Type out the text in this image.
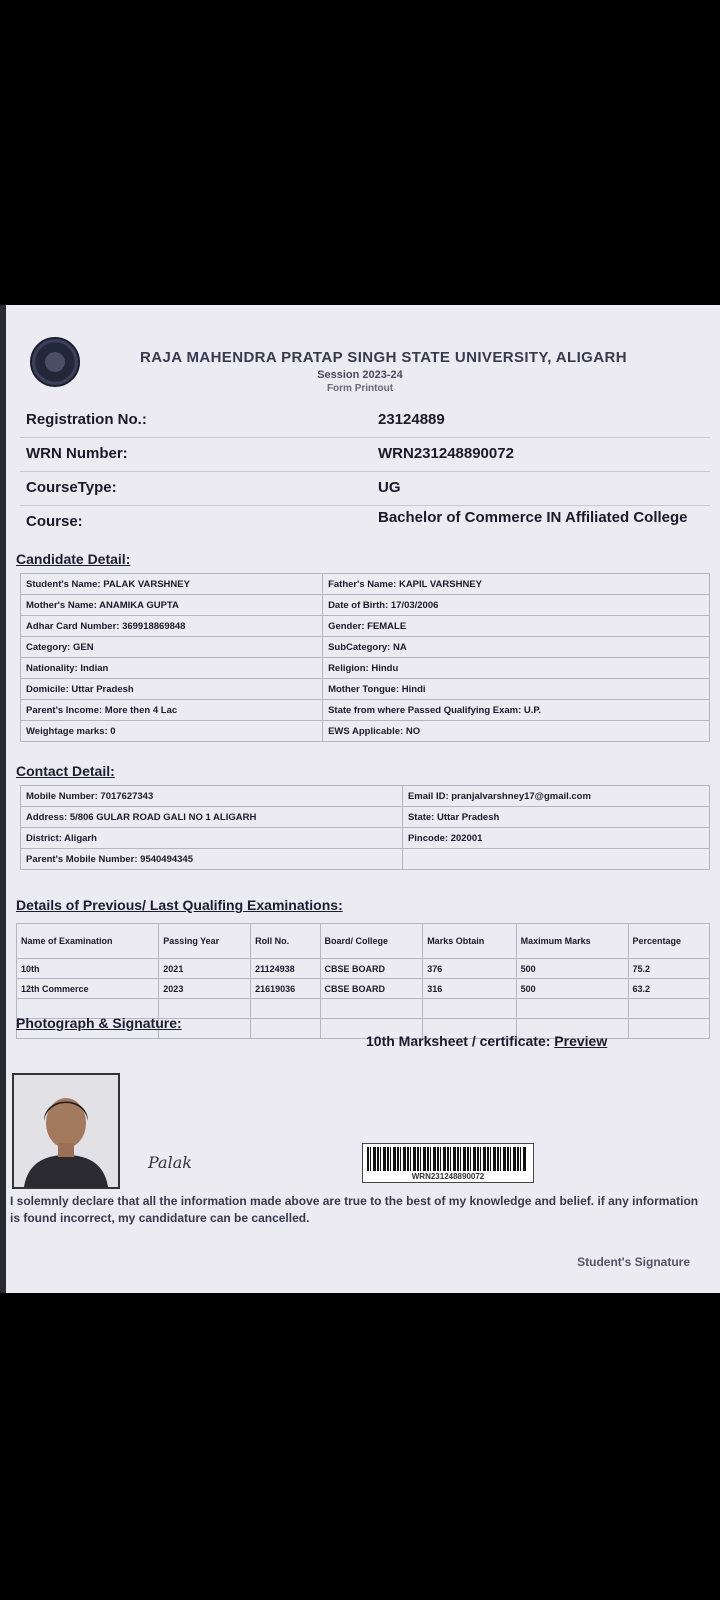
RAJA MAHENDRA PRATAP SINGH STATE UNIVERSITY, ALIGARH
Session 2023-24
Form Printout
Registration No.:	23124889
WRN Number:	WRN231248890072
CourseType:	UG
Course:	Bachelor of Commerce IN Affiliated College
Candidate Detail:
Student's Name: PALAK VARSHNEY	Father's Name: KAPIL VARSHNEY
Mother's Name: ANAMIKA GUPTA	Date of Birth: 17/03/2006
Adhar Card Number: 369918869848	Gender: FEMALE
Category: GEN	SubCategory: NA
Nationality: Indian	Religion: Hindu
Domicile: Uttar Pradesh	Mother Tongue: Hindi
Parent's Income: More then 4 Lac	State from where Passed Qualifying Exam: U.P.
Weightage marks: 0	EWS Applicable: NO
Contact Detail:
Mobile Number: 7017627343	Email ID: pranjalvarshney17@gmail.com
Address: 5/806 GULAR ROAD GALI NO 1 ALIGARH	State: Uttar Pradesh
District: Aligarh	Pincode: 202001
Parent's Mobile Number: 9540494345	
Details of Previous/ Last Qualifing Examinations:
Name of Examination	Passing Year	Roll No.	Board/ College	Marks Obtain	Maximum Marks	Percentage
10th	2021	21124938	CBSE BOARD	376	500	75.2
12th Commerce	2023	21619036	CBSE BOARD	316	500	63.2

Photograph & Signature:
10th Marksheet / certificate: Preview
Palak
WRN231248890072
I solemnly declare that all the information made above are true to the best of my knowledge and belief. if any information is found incorrect, my candidature can be cancelled.
Student's Signature
